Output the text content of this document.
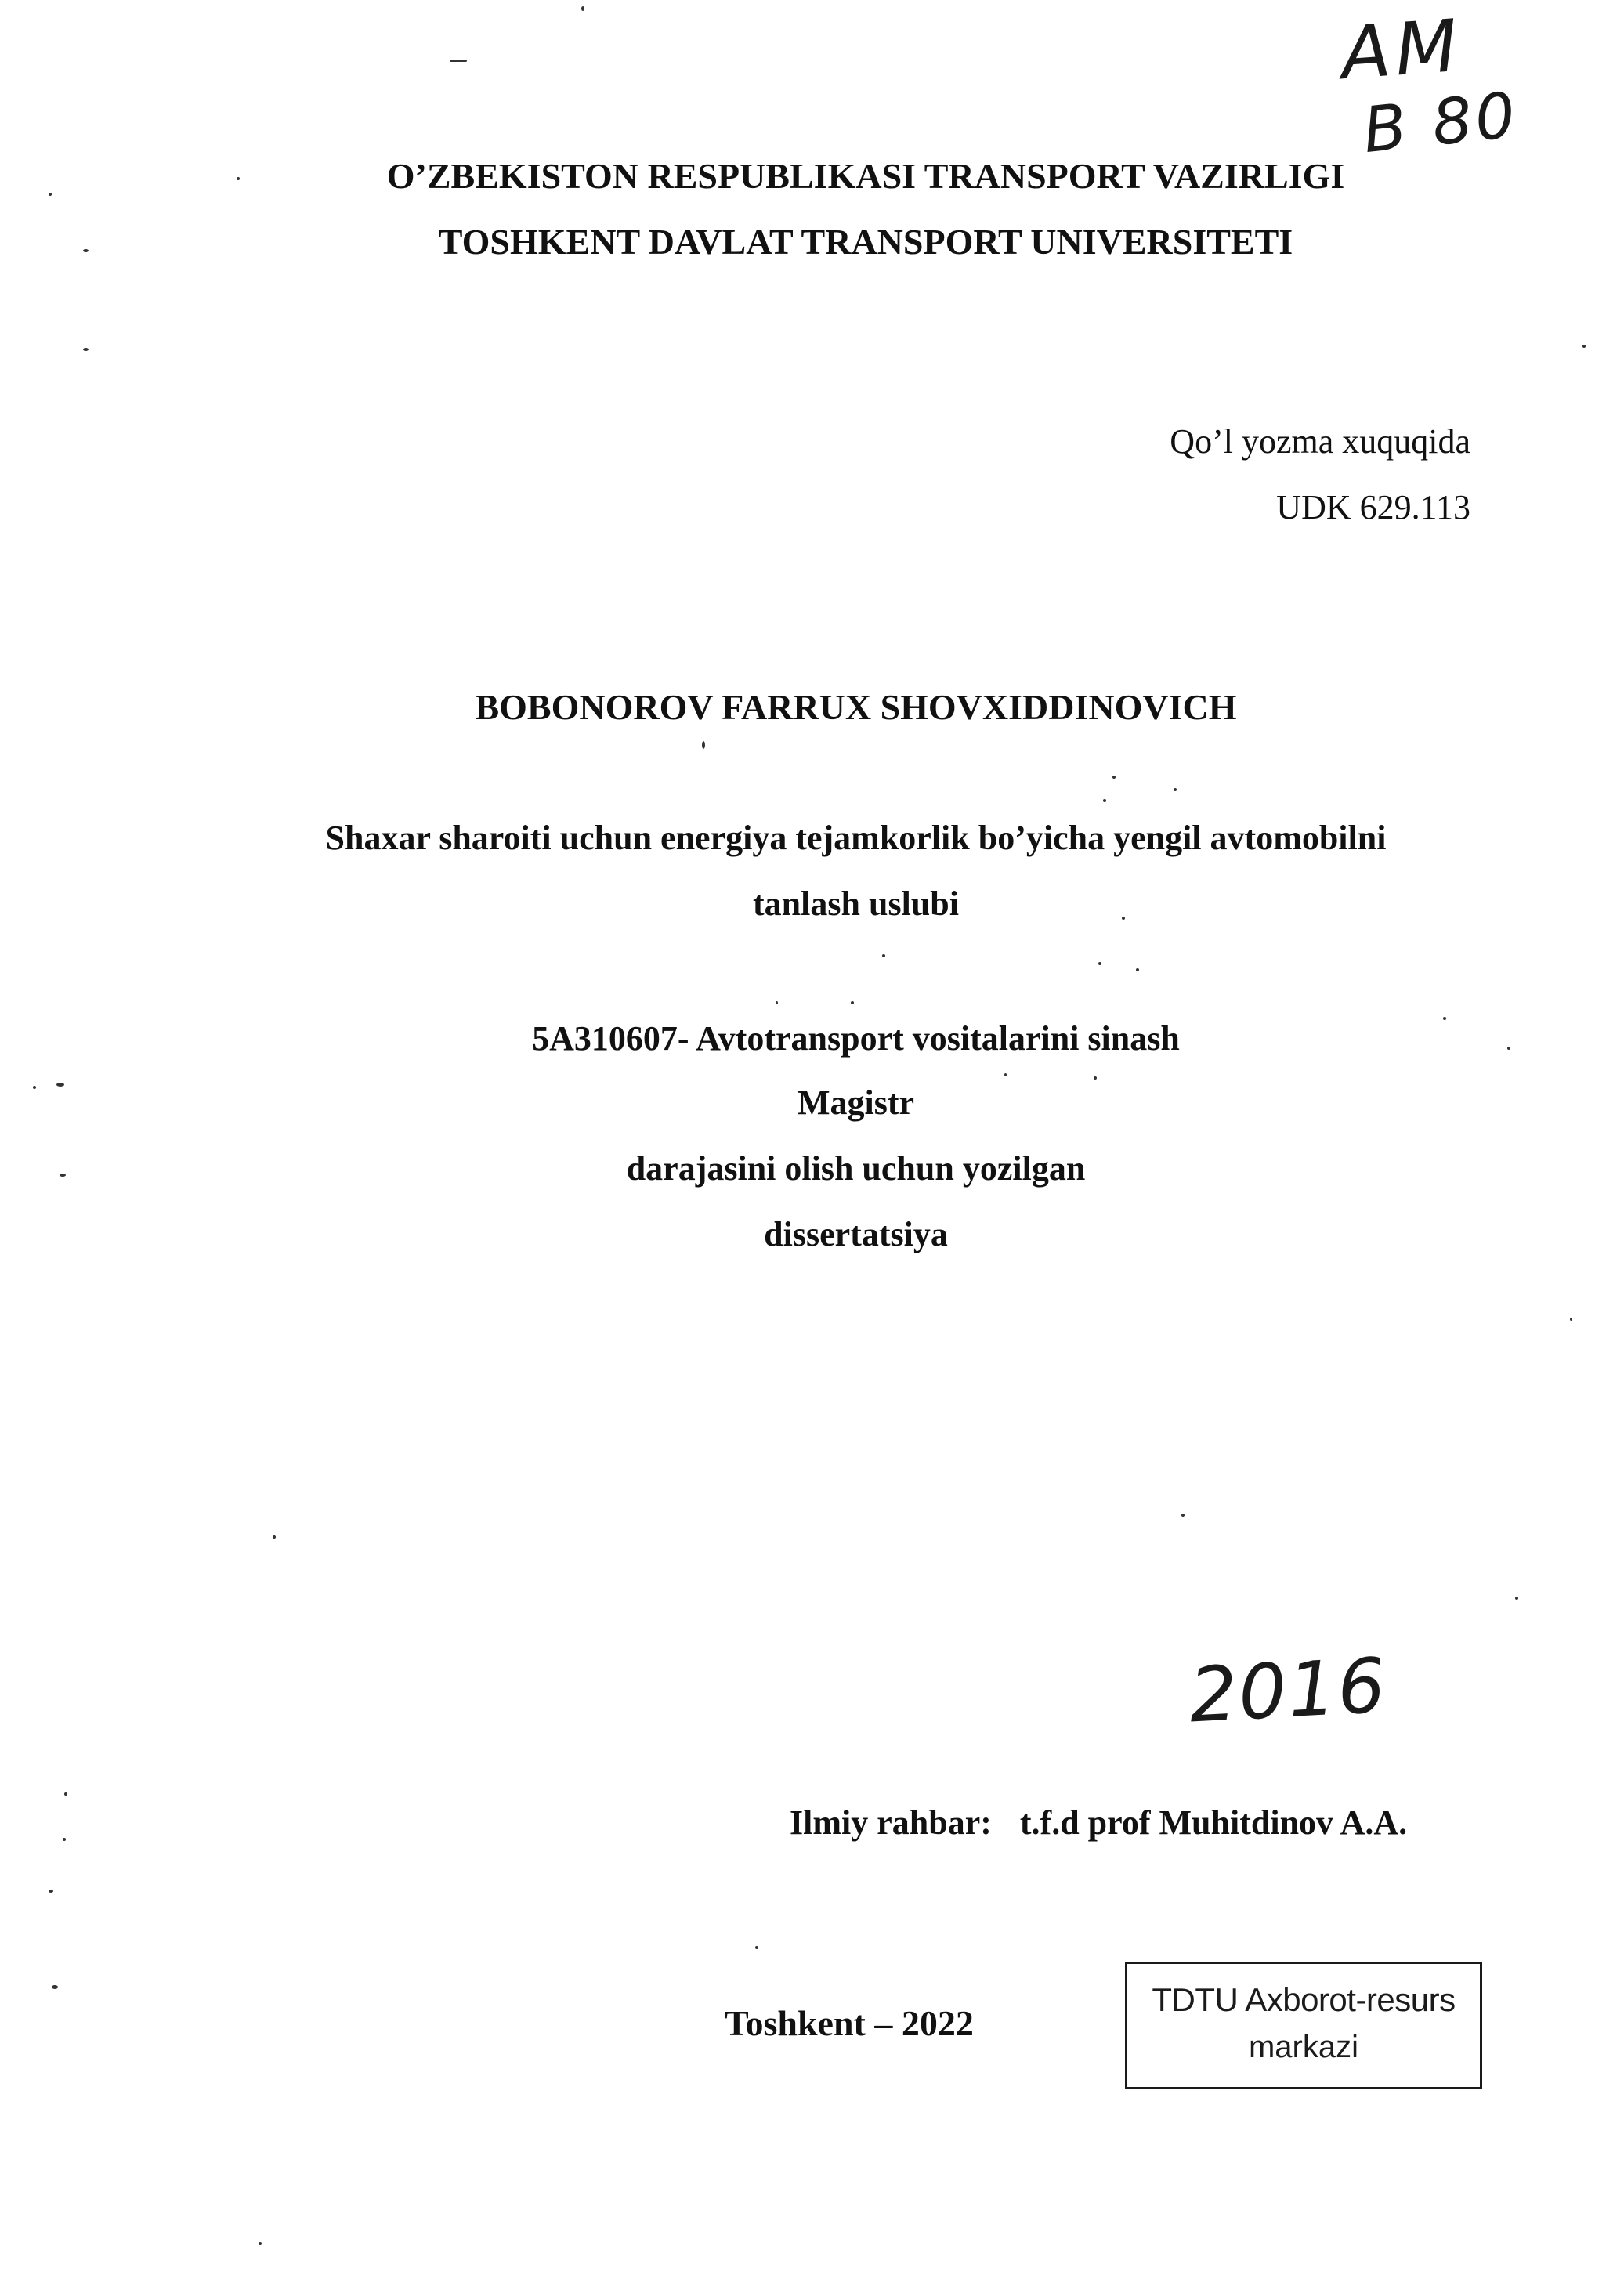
O’ZBEKISTON RESPUBLIKASI TRANSPORT VAZIRLIGI
TOSHKENT DAVLAT TRANSPORT UNIVERSITETI
Qo’l yozma xuquqida
UDK 629.113
BOBONOROV FARRUX SHOVXIDDINOVICH
Shaxar sharoiti uchun energiya tejamkorlik bo’yicha yengil avtomobilni
tanlash uslubi
5A310607- Avtotransport vositalarini sinash
Magistr
darajasini olish uchun yozilgan
dissertatsiya
AM
B 80
2016
Ilmiy rahbar: t.f.d prof Muhitdinov A.A.
Toshkent – 2022
TDTU Axborot-resurs
markazi
